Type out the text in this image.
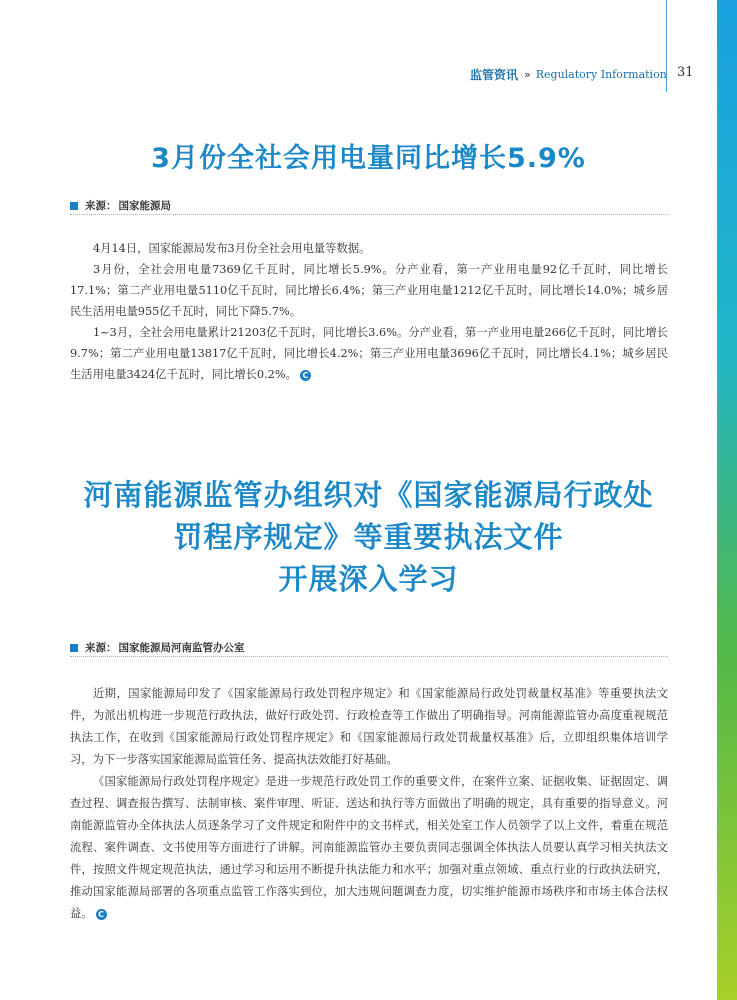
监管资讯 » Regulatory Information 31
3月份全社会用电量同比增长5.9%
来源： 国家能源局

4月14日，国家能源局发布3月份全社会用电量等数据。

3月份，全社会用电量7369亿千瓦时，同比增长5.9%。分产业看，第一产业用电量92亿千瓦时，同比增长17.1%；第二产业用电量5110亿千瓦时，同比增长6.4%；第三产业用电量1212亿千瓦时，同比增长14.0%；城乡居民生活用电量955亿千瓦时，同比下降5.7%。

1~3月，全社会用电量累计21203亿千瓦时，同比增长3.6%。分产业看，第一产业用电量266亿千瓦时，同比增长9.7%；第二产业用电量13817亿千瓦时，同比增长4.2%；第三产业用电量3696亿千瓦时，同比增长4.1%；城乡居民生活用电量3424亿千瓦时，同比增长0.2%。 C

河南能源监管办组织对《国家能源局行政处
罚程序规定》等重要执法文件
开展深入学习
来源： 国家能源局河南监管办公室

近期，国家能源局印发了《国家能源局行政处罚程序规定》和《国家能源局行政处罚裁量权基准》等重要执法文件，为派出机构进一步规范行政执法，做好行政处罚、行政检查等工作做出了明确指导。河南能源监管办高度重视规范执法工作，在收到《国家能源局行政处罚程序规定》和《国家能源局行政处罚裁量权基准》后，立即组织集体培训学习，为下一步落实国家能源局监管任务、提高执法效能打好基础。

《国家能源局行政处罚程序规定》是进一步规范行政处罚工作的重要文件，在案件立案、证据收集、证据固定、调查过程、调查报告撰写、法制审核、案件审理、听证、送达和执行等方面做出了明确的规定，具有重要的指导意义。河南能源监管办全体执法人员逐条学习了文件规定和附件中的文书样式，相关处室工作人员领学了以上文件，着重在规范流程、案件调查、文书使用等方面进行了讲解。河南能源监管办主要负责同志强调全体执法人员要认真学习相关执法文件，按照文件规定规范执法，通过学习和运用不断提升执法能力和水平；加强对重点领域、重点行业的行政执法研究，推动国家能源局部署的各项重点监管工作落实到位，加大违规问题调查力度，切实维护能源市场秩序和市场主体合法权益。 C
